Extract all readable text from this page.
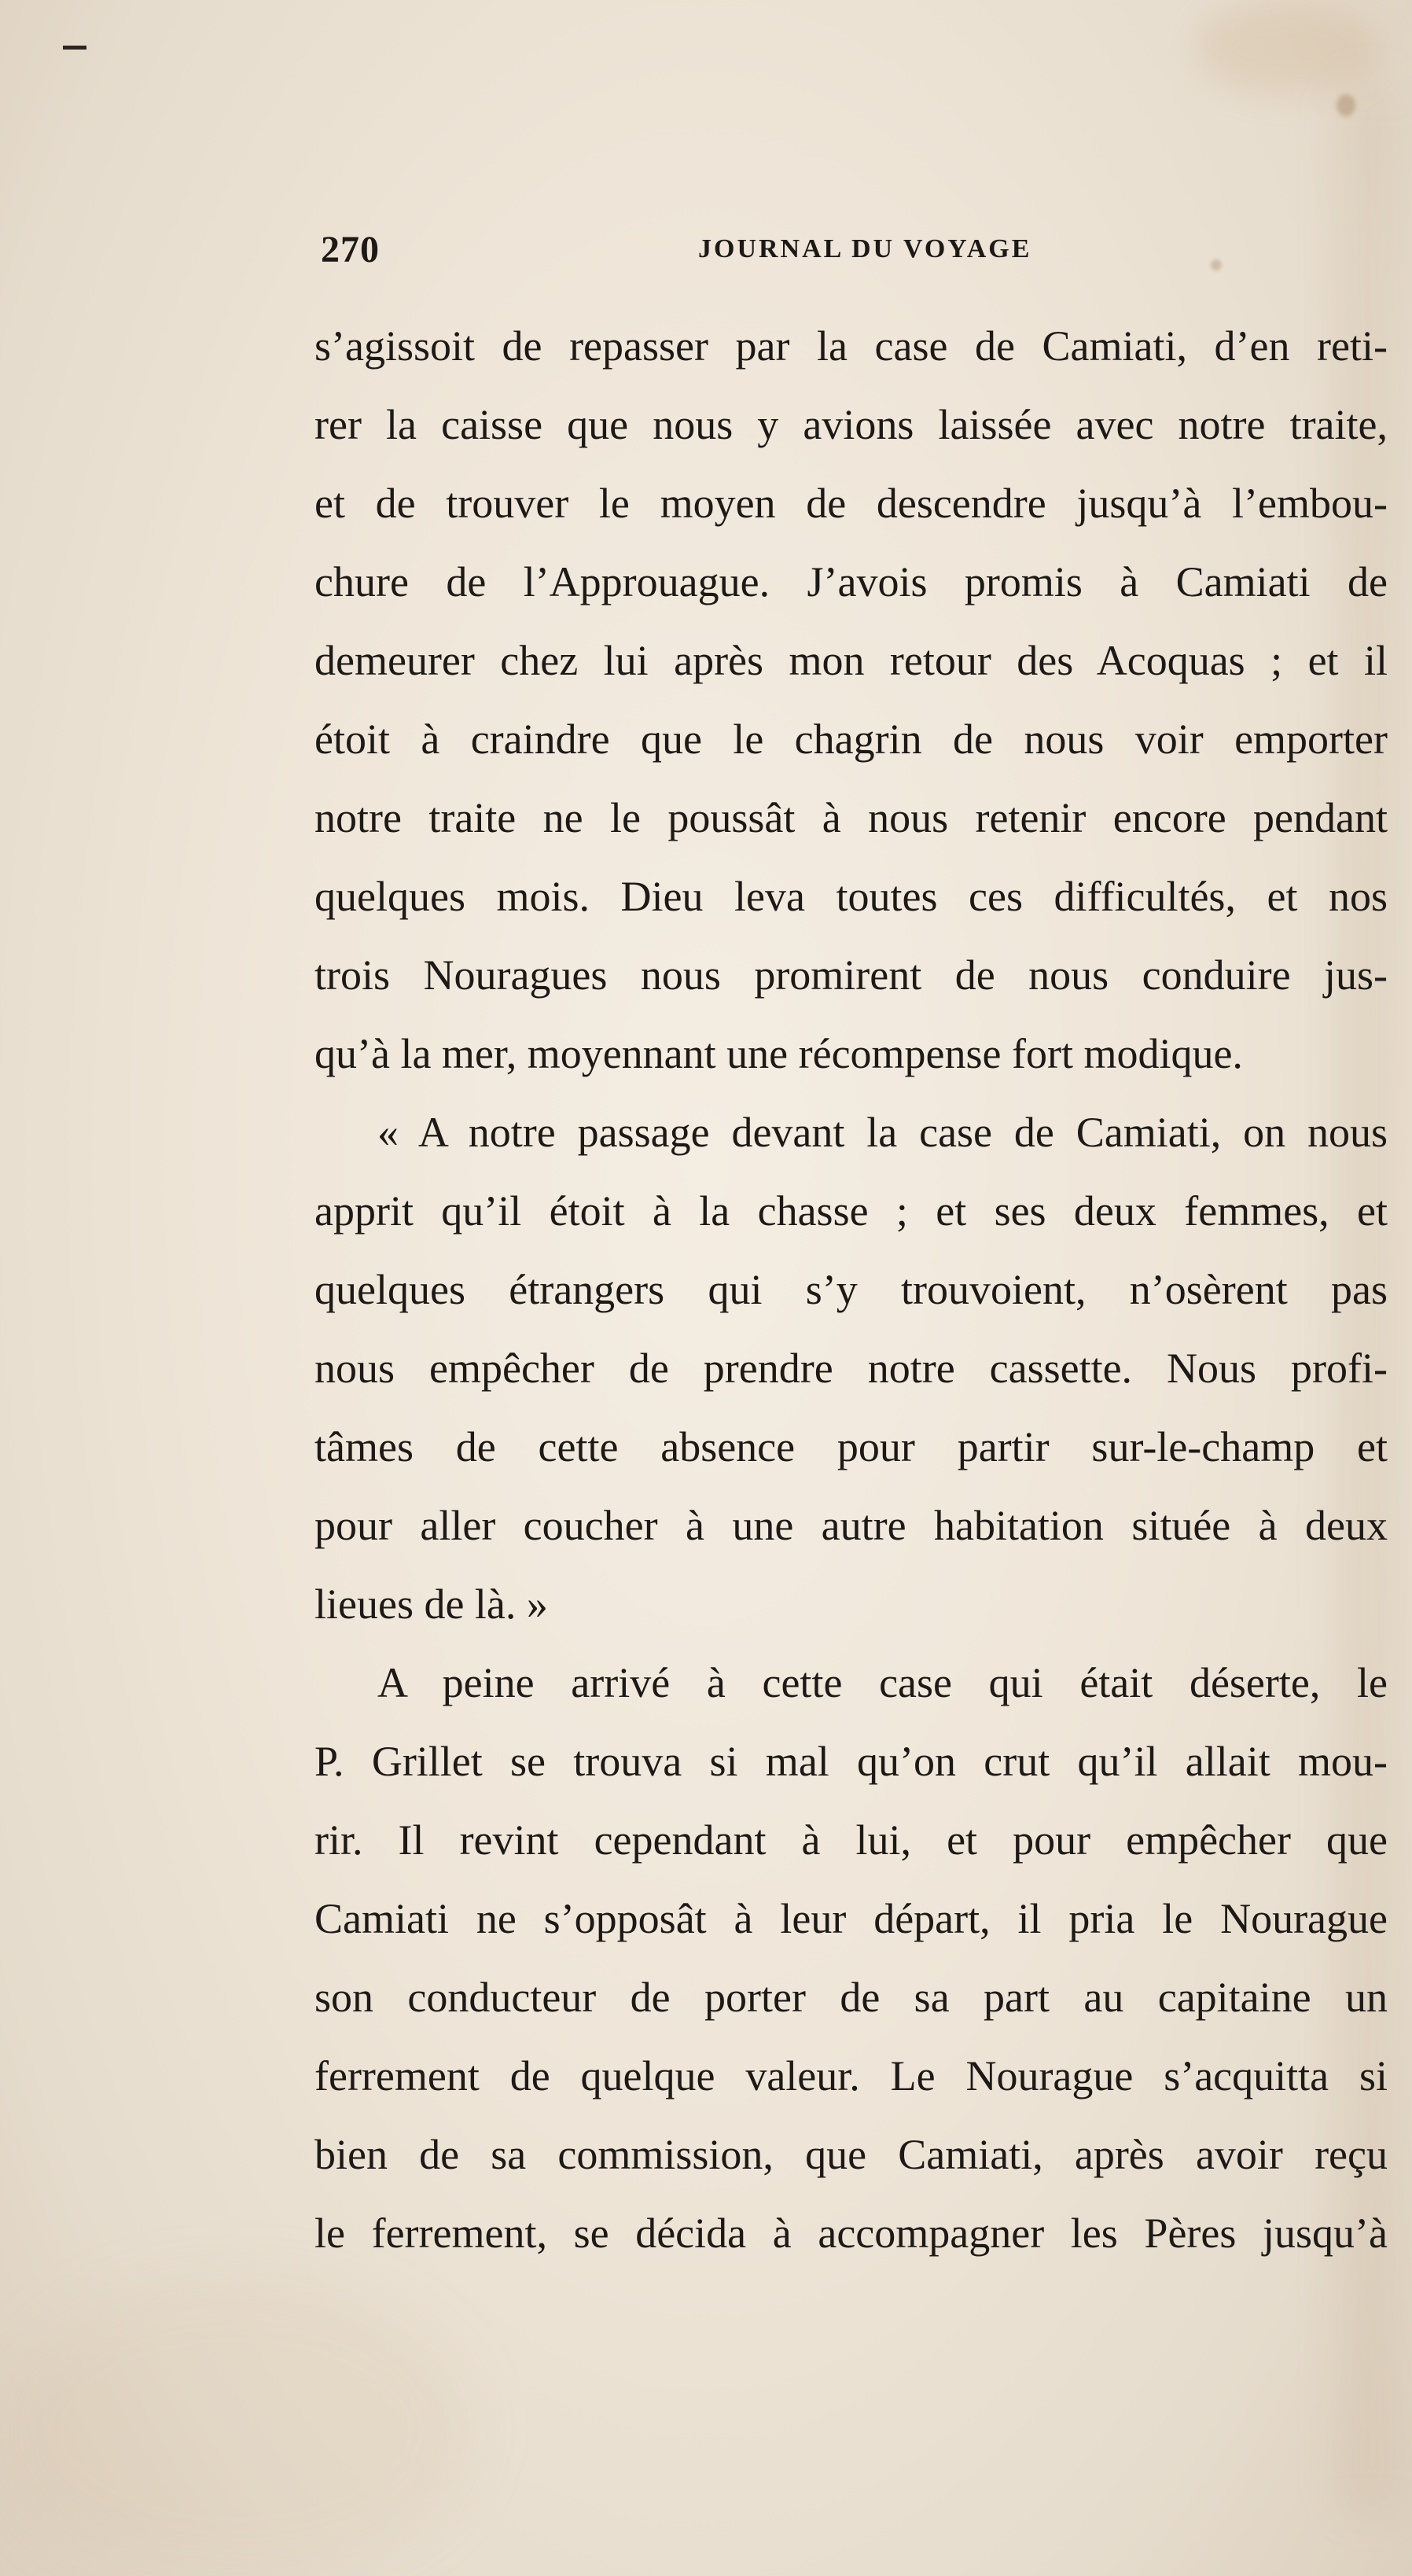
270	JOURNAL DU VOYAGE
s’agissoit de repasser par la case de Camiati, d’en reti-
rer la caisse que nous y avions laissée avec notre traite,
et de trouver le moyen de descendre jusqu’à l’embou-
chure de l’Approuague. J’avois promis à Camiati de
demeurer chez lui après mon retour des Acoquas ; et il
étoit à craindre que le chagrin de nous voir emporter
notre traite ne le poussât à nous retenir encore pendant
quelques mois. Dieu leva toutes ces difficultés, et nos
trois Nouragues nous promirent de nous conduire jus-
qu’à la mer, moyennant une récompense fort modique.
« A notre passage devant la case de Camiati, on nous
apprit qu’il étoit à la chasse ; et ses deux femmes, et
quelques étrangers qui s’y trouvoient, n’osèrent pas
nous empêcher de prendre notre cassette. Nous profi-
tâmes de cette absence pour partir sur-le-champ et
pour aller coucher à une autre habitation située à deux
lieues de là. »
A peine arrivé à cette case qui était déserte, le
P. Grillet se trouva si mal qu’on crut qu’il allait mou-
rir. Il revint cependant à lui, et pour empêcher que
Camiati ne s’opposât à leur départ, il pria le Nourague
son conducteur de porter de sa part au capitaine un
ferrement de quelque valeur. Le Nourague s’acquitta si
bien de sa commission, que Camiati, après avoir reçu
le ferrement, se décida à accompagner les Pères jusqu’à
